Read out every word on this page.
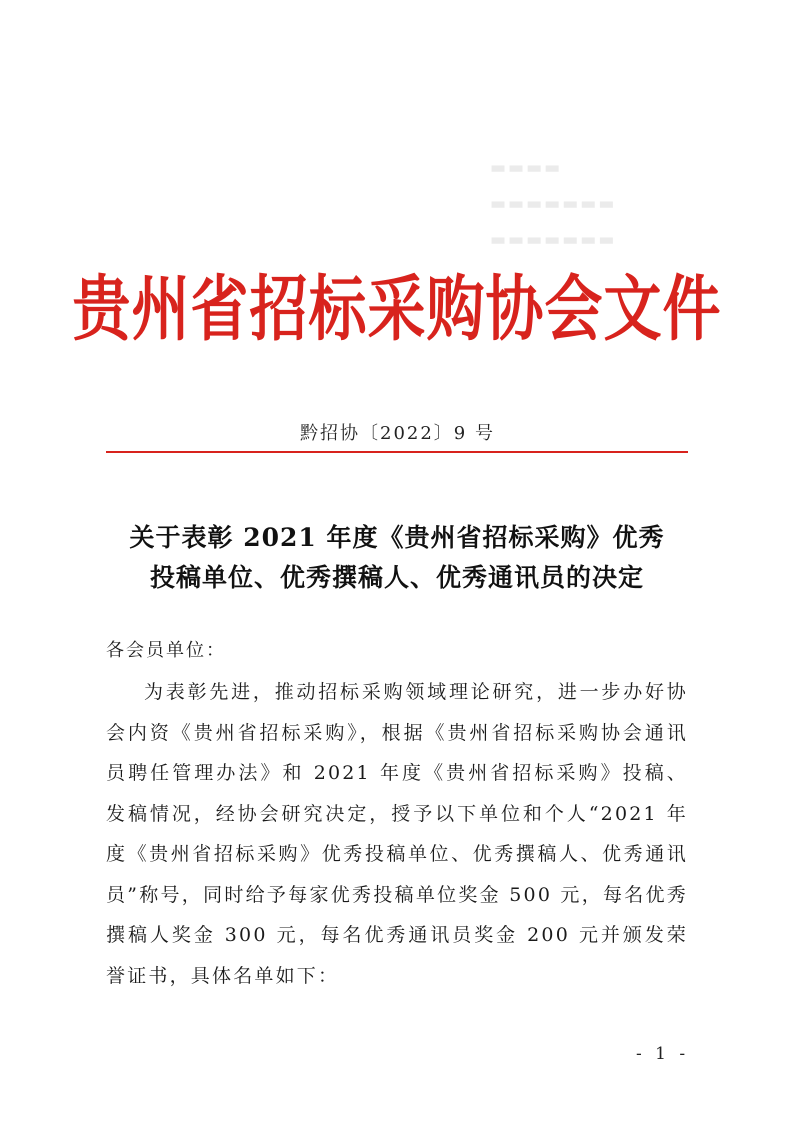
▬▬▬▬
▬▬▬▬▬▬▬
▬▬▬▬▬▬▬
贵州省招标采购协会文件
黔招协〔2022〕9 号
关于表彰 2021 年度《贵州省招标采购》优秀
投稿单位、优秀撰稿人、优秀通讯员的决定
各会员单位：
为表彰先进，推动招标采购领域理论研究，进一步办好协会内资《贵州省招标采购》，根据《贵州省招标采购协会通讯员聘任管理办法》和 2021 年度《贵州省招标采购》投稿、发稿情况，经协会研究决定，授予以下单位和个人“2021 年度《贵州省招标采购》优秀投稿单位、优秀撰稿人、优秀通讯员”称号，同时给予每家优秀投稿单位奖金 500 元，每名优秀撰稿人奖金 300 元，每名优秀通讯员奖金 200 元并颁发荣誉证书，具体名单如下：
- 1 -
